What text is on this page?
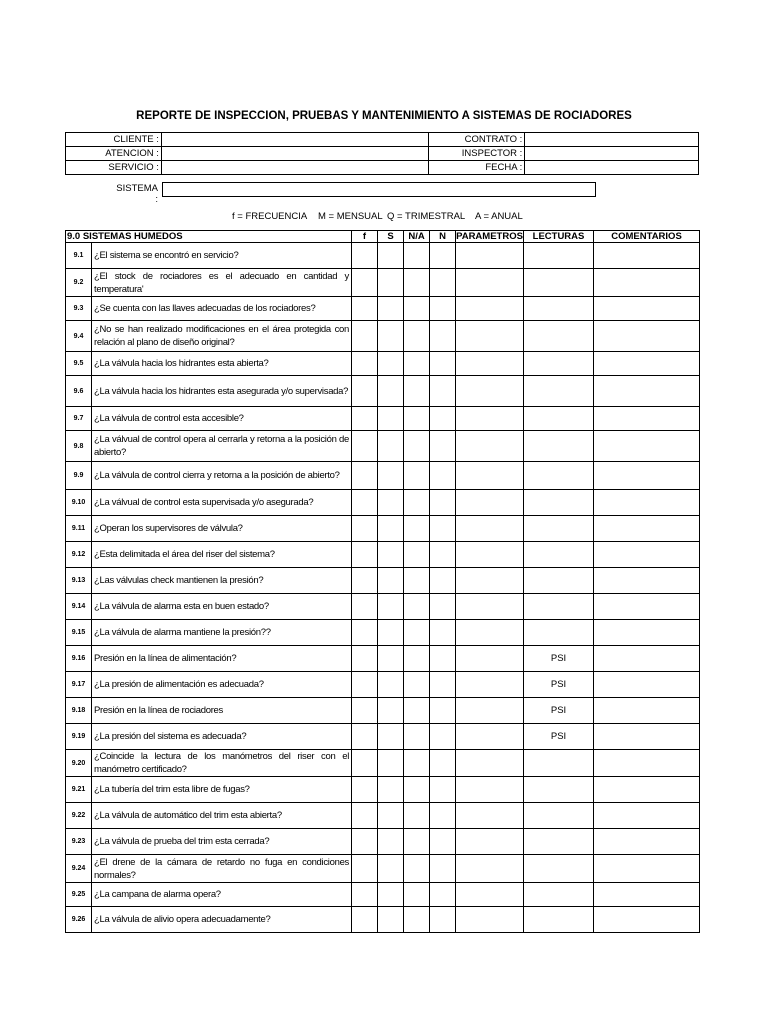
REPORTE DE INSPECCION, PRUEBAS Y MANTENIMIENTO A SISTEMAS DE ROCIADORES
CLIENTE :		CONTRATO :	
ATENCION :		INSPECTOR :	
SERVICIO :		FECHA :	
SISTEMA :
f = FRECUENCIA M = MENSUAL Q = TRIMESTRAL A = ANUAL
9.0 SISTEMAS HUMEDOS		f	S	N/A	N	PARAMETROS	LECTURAS	COMENTARIOS
9.1	¿El sistema se encontró en servicio?							
9.2	¿El stock de rociadores es el adecuado en cantidad y temperatura'							
9.3	¿Se cuenta con las llaves adecuadas de los rociadores?							
9.4	¿No se han realizado modificaciones en el área protegida con relación al plano de diseño original?							
9.5	¿La válvula hacia los hidrantes esta abierta?							
9.6	¿La válvula hacia los hidrantes esta asegurada y/o supervisada?							
9.7	¿La válvula de control esta accesible?							
9.8	¿La válvual de control opera al cerrarla y retorna a la posición de abierto?							
9.9	¿La válvula de control cierra y retorna a la posición de abierto?							
9.10	¿La válvual de control esta supervisada y/o asegurada?							
9.11	¿Operan los supervisores de válvula?							
9.12	¿Esta delimitada el área del riser del sistema?							
9.13	¿Las válvulas check mantienen la presión?							
9.14	¿La válvula de alarma esta en buen estado?							
9.15	¿La válvula de alarma mantiene la presión??							
9.16	Presión en la línea de alimentación?						PSI	
9.17	¿La presión de alimentación es adecuada?						PSI	
9.18	Presión en la línea de rociadores						PSI	
9.19	¿La presión del sistema es adecuada?						PSI	
9.20	¿Coincide la lectura de los manómetros del riser con el manómetro certificado?							
9.21	¿La tubería del trim esta libre de fugas?							
9.22	¿La válvula de automático del trim esta abierta?							
9.23	¿La válvula de prueba del trim esta cerrada?							
9.24	¿El drene de la cámara de retardo no fuga en condiciones normales?							
9.25	¿La campana de alarma opera?							
9.26	¿La válvula de alivio opera adecuadamente?							
